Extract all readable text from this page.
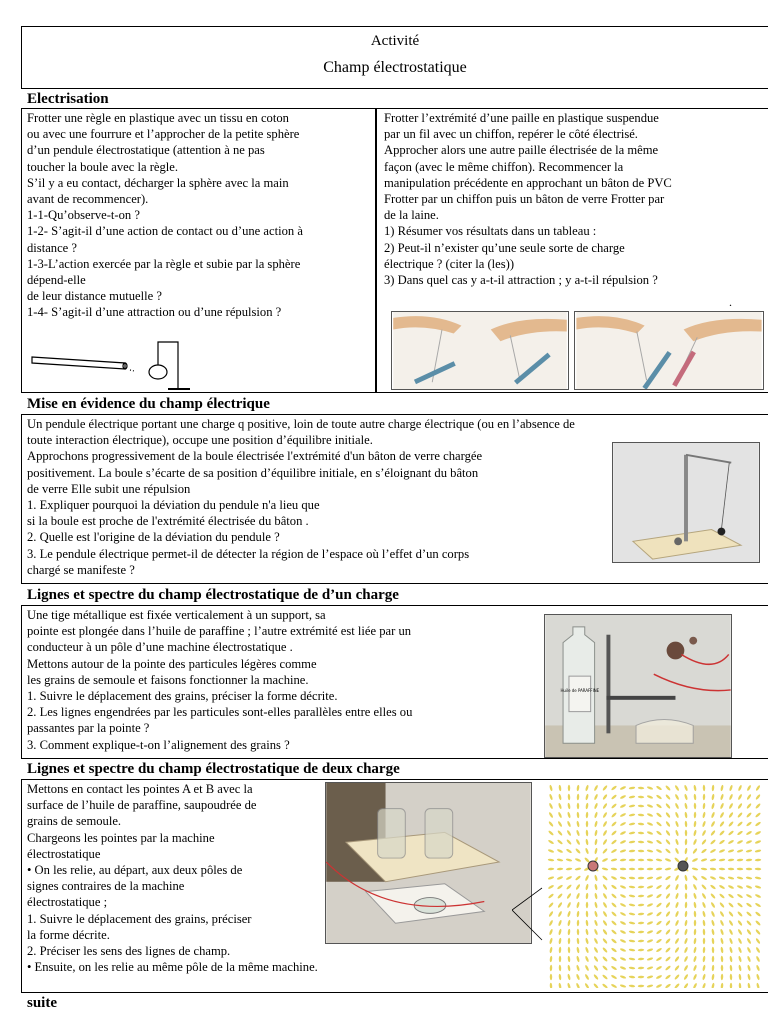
Activité
Champ électrostatique
Electrisation
Frotter une règle en plastique avec un tissu en coton
ou avec une fourrure et l’approcher de la petite sphère
d’un pendule électrostatique (attention à ne pas
toucher la boule avec la règle.
S’il y a eu contact, décharger la sphère avec la main
avant de recommencer).
1-1-Qu’observe-t-on ?
1-2- S’agit-il d’une action de contact ou d’une action à
distance ?
1-3-L’action exercée par la règle et subie par la sphère
dépend-elle
de leur distance mutuelle ?
1-4- S’agit-il d’une attraction ou d’une répulsion ?
Frotter l’extrémité d’une paille en plastique suspendue
par un fil avec un chiffon, repérer le côté électrisé.
Approcher alors une autre paille électrisée de la même
façon (avec le même chiffon). Recommencer la
manipulation précédente en approchant un bâton de PVC
Frotter par un chiffon puis un bâton de verre Frotter par
de la laine.
1) Résumer vos résultats dans un tableau :
2) Peut-il n’exister qu’une seule sorte de charge
électrique ? (citer la (les))
3) Dans quel cas y a-t-il attraction ; y a-t-il répulsion ?
.
Mise en évidence du champ électrique
Un pendule électrique portant une charge q positive, loin de toute autre charge électrique (ou en l’absence de
toute interaction électrique), occupe une position d’équilibre initiale.
Approchons progressivement de la boule électrisée l'extrémité d'un bâton de verre chargée
positivement. La boule s’écarte de sa position d’équilibre initiale, en s’éloignant du bâton
de verre Elle subit une répulsion
1. Expliquer pourquoi la déviation du pendule n'a lieu que
si la boule est proche de l'extrémité électrisée du bâton .
2. Quelle est l'origine de la déviation du pendule ?
3. Le pendule électrique permet-il de détecter la région de l’espace où l’effet d’un corps
chargé se manifeste ?
Lignes et spectre du champ électrostatique de d’un charge
Une tige métallique est fixée verticalement à un support, sa
pointe est plongée dans l’huile de paraffine ; l’autre extrémité est liée par un
conducteur à un pôle d’une machine électrostatique .
Mettons autour de la pointe des particules légères comme
les grains de semoule et faisons fonctionner la machine.
1. Suivre le déplacement des grains, préciser la forme décrite.
2. Les lignes engendrées par les particules sont-elles parallèles entre elles ou
passantes par la pointe ?
3. Comment explique-t-on l’alignement des grains ?
Huile de PARAFFINE
Lignes et spectre du champ électrostatique de deux charge
Mettons en contact les pointes A et B avec la
surface de l’huile de paraffine, saupoudrée de
grains de semoule.
Chargeons les pointes par la machine
électrostatique
• On les relie, au départ, aux deux pôles de
signes contraires de la machine
électrostatique ;
1. Suivre le déplacement des grains, préciser
la forme décrite.
2. Préciser les sens des lignes de champ.
• Ensuite, on les relie au même pôle de la même machine.
suite
